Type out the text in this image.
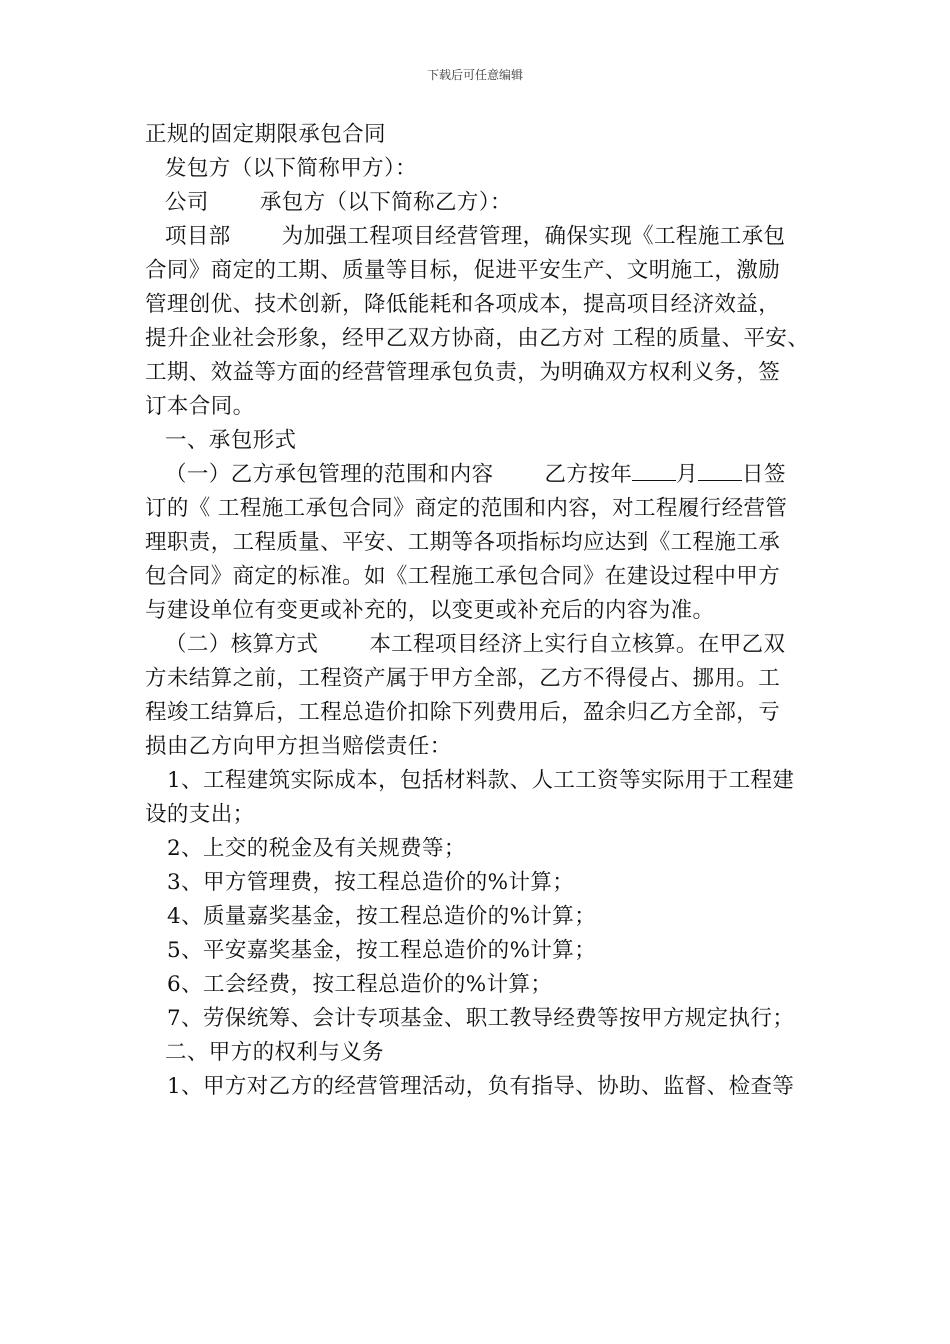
下载后可任意编辑
正规的固定期限承包合同
发包方（以下简称甲方）：
公司　　 承包方（以下简称乙方）：
项目部　　 为加强工程项目经营管理，确保实现《工程施工承包
合同》商定的工期、质量等目标，促进平安生产、文明施工，激励
管理创优、技术创新，降低能耗和各项成本，提高项目经济效益，
提升企业社会形象，经甲乙双方协商，由乙方对 工程的质量、平安、
工期、效益等方面的经营管理承包负责，为明确双方权利义务，签
订本合同。
一、承包形式
（一）乙方承包管理的范围和内容　　 乙方按年 月 日签
订的《 工程施工承包合同》商定的范围和内容，对工程履行经营管
理职责，工程质量、平安、工期等各项指标均应达到《工程施工承
包合同》商定的标准。如《工程施工承包合同》在建设过程中甲方
与建设单位有变更或补充的，以变更或补充后的内容为准。
（二）核算方式　　 本工程项目经济上实行自立核算。在甲乙双
方未结算之前，工程资产属于甲方全部，乙方不得侵占、挪用。工
程竣工结算后，工程总造价扣除下列费用后，盈余归乙方全部，亏
损由乙方向甲方担当赔偿责任：
1、工程建筑实际成本，包括材料款、人工工资等实际用于工程建
设的支出；
2、上交的税金及有关规费等；
3、甲方管理费，按工程总造价的%计算；
4、质量嘉奖基金，按工程总造价的%计算；
5、平安嘉奖基金，按工程总造价的%计算；
6、工会经费，按工程总造价的%计算；
7、劳保统筹、会计专项基金、职工教导经费等按甲方规定执行；
二、甲方的权利与义务
1、甲方对乙方的经营管理活动，负有指导、协助、监督、检查等
